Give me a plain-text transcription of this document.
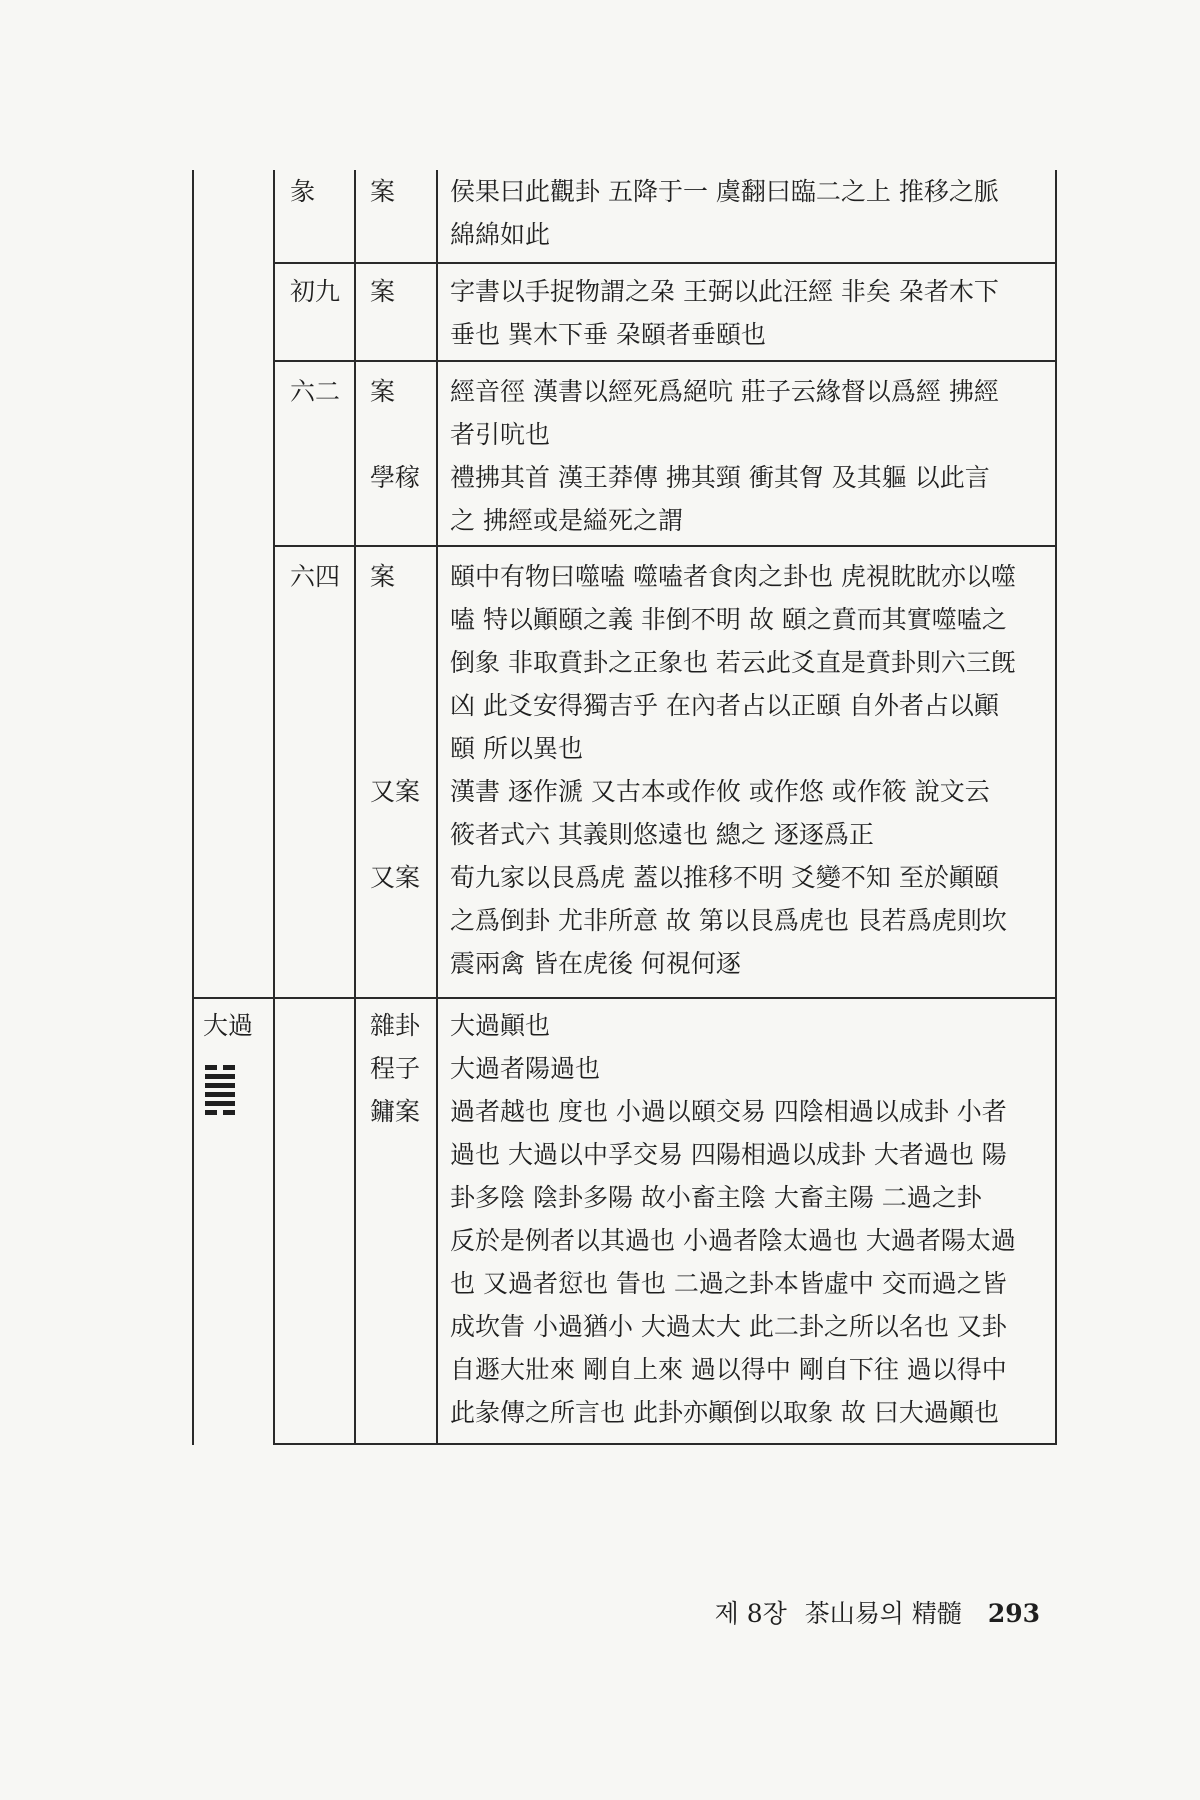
彖 案 侯果曰此觀卦 五降于一 虞翻曰臨二之上 推移之脈
綿綿如此
初九 案 字書以手捉物謂之朶 王弼以此汪經 非矣 朶者木下
垂也 巽木下垂 朶頤者垂頤也
六二 案 經音徑 漢書以經死爲絕吭 莊子云緣督以爲經 拂經
者引吭也
學稼 禮拂其首 漢王莽傳 拂其頸 衝其胷 及其軀 以此言
之 拂經或是縊死之謂
六四 案 頤中有物曰噬嗑 噬嗑者食肉之卦也 虎視眈眈亦以噬
嗑 特以顚頤之義 非倒不明 故 頤之賁而其實噬嗑之
倒象 非取賁卦之正象也 若云此爻直是賁卦則六三旣
凶 此爻安得獨吉乎 在內者占以正頤 自外者占以顚
頤 所以異也
又案 漢書 逐作㴲 又古本或作攸 或作悠 或作筱 說文云
筱者式六 其義則悠遠也 總之 逐逐爲正
又案 荀九家以艮爲虎 蓋以推移不明 爻變不知 至於顚頤
之爲倒卦 尤非所意 故 第以艮爲虎也 艮若爲虎則坎
震兩禽 皆在虎後 何視何逐
大過	雜卦 大過顚也
程子 大過者陽過也
鏞案 過者越也 度也 小過以頤交易 四陰相過以成卦 小者
過也 大過以中孚交易 四陽相過以成卦 大者過也 陽
卦多陰 陰卦多陽 故小畜主陰 大畜主陽 二過之卦
反於是例者以其過也 小過者陰太過也 大過者陽太過
也 又過者愆也 眚也 二過之卦本皆虛中 交而過之皆
成坎眚 小過猶小 大過太大 此二卦之所以名也 又卦
自遯大壯來 剛自上來 過以得中 剛自下往 過以得中
此彖傳之所言也 此卦亦顚倒以取象 故 曰大過顚也
제 8장 茶山易의 精髓 293
